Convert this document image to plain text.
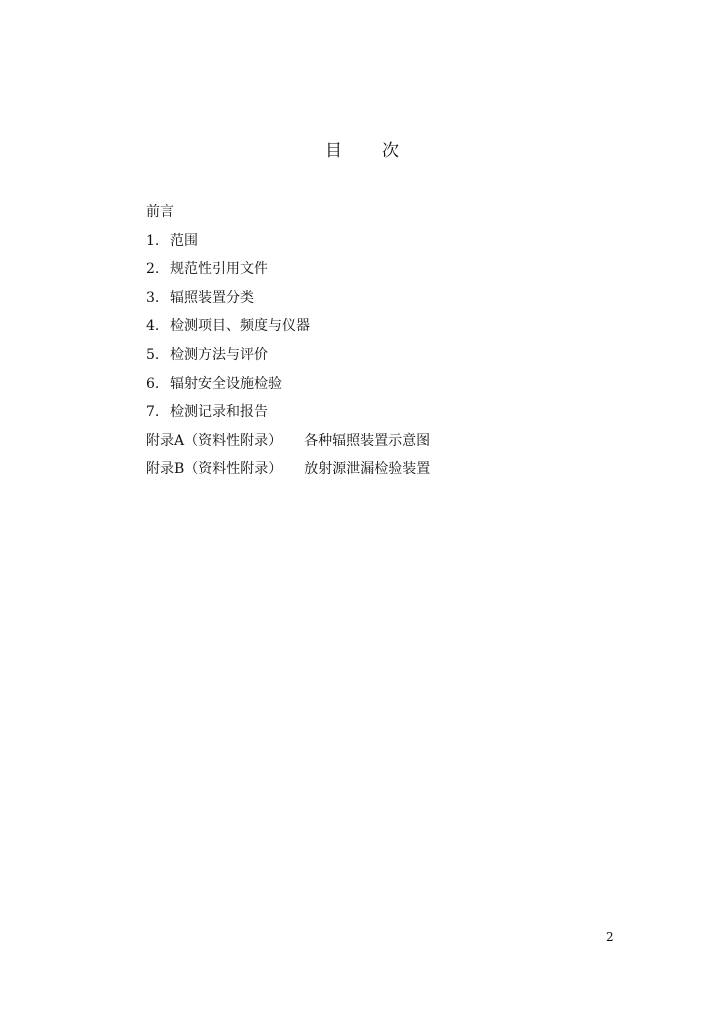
目 次
前言
1. 范围
2. 规范性引用文件
3. 辐照装置分类
4. 检测项目、频度与仪器
5. 检测方法与评价
6. 辐射安全设施检验
7. 检测记录和报告
附录A（资料性附录） 各种辐照装置示意图
附录B（资料性附录） 放射源泄漏检验装置
2
